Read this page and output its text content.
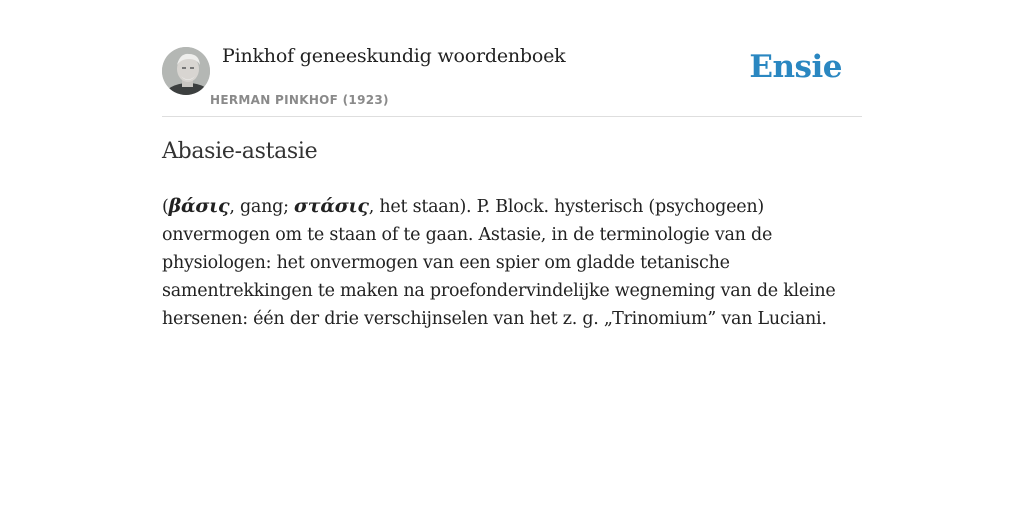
Pinkhof geneeskundig woordenboek
HERMAN PINKHOF (1923)
Ensie
Abasie-astasie

(βάσις, gang; στάσις, het staan). P. Block. hysterisch (psychogeen) onvermogen om te staan of te gaan. Astasie, in de terminologie van de physiologen: het onvermogen van een spier om gladde tetanische samentrekkingen te maken na proefondervindelijke wegneming van de kleine hersenen: één der drie verschijnselen van het z. g. „Trinomium” van Luciani.
